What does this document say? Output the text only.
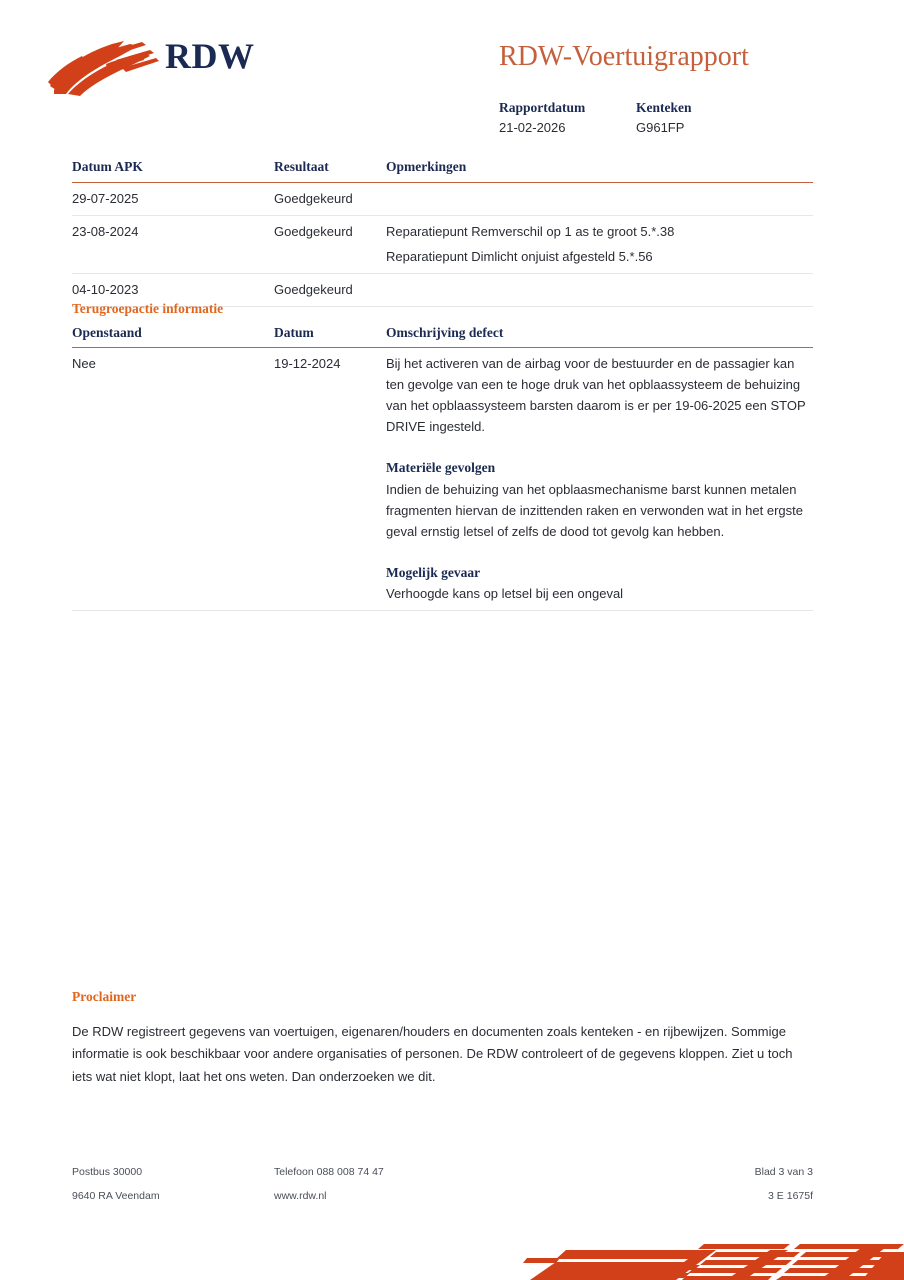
RDW	RDW-Voertuigrapport
Rapportdatum
21-02-2026
Kenteken
G961FP
Datum APK	Resultaat	Opmerkingen
29-07-2025	Goedgekeurd	
23-08-2024	Goedgekeurd	Reparatiepunt Remverschil op 1 as te groot 5.*.38
Reparatiepunt Dimlicht onjuist afgesteld 5.*.56

04-10-2023	Goedgekeurd	
Terugroepactie informatie
Openstaand	Datum	Omschrijving defect
Nee	19-12-2024	Bij het activeren van de airbag voor de bestuurder en de passagier kan ten gevolge van een te hoge druk van het opblaassysteem de behuizing van het opblaassysteem barsten daarom is er per 19-06-2025 een STOP DRIVE ingesteld.

Materiële gevolgen

Indien de behuizing van het opblaasmechanisme barst kunnen metalen fragmenten hiervan de inzittenden raken en verwonden wat in het ergste geval ernstig letsel of zelfs de dood tot gevolg kan hebben.

Mogelijk gevaar

Verhoogde kans op letsel bij een ongeval

Proclaimer

De RDW registreert gegevens van voertuigen, eigenaren/houders en documenten zoals kenteken - en rijbewijzen. Sommige informatie is ook beschikbaar voor andere organisaties of personen. De RDW controleert of de gegevens kloppen. Ziet u toch iets wat niet klopt, laat het ons weten. Dan onderzoeken we dit.

Postbus 30000	Telefoon 088 008 74 47	Blad 3 van 3
9640 RA Veendam	www.rdw.nl	3 E 1675f
